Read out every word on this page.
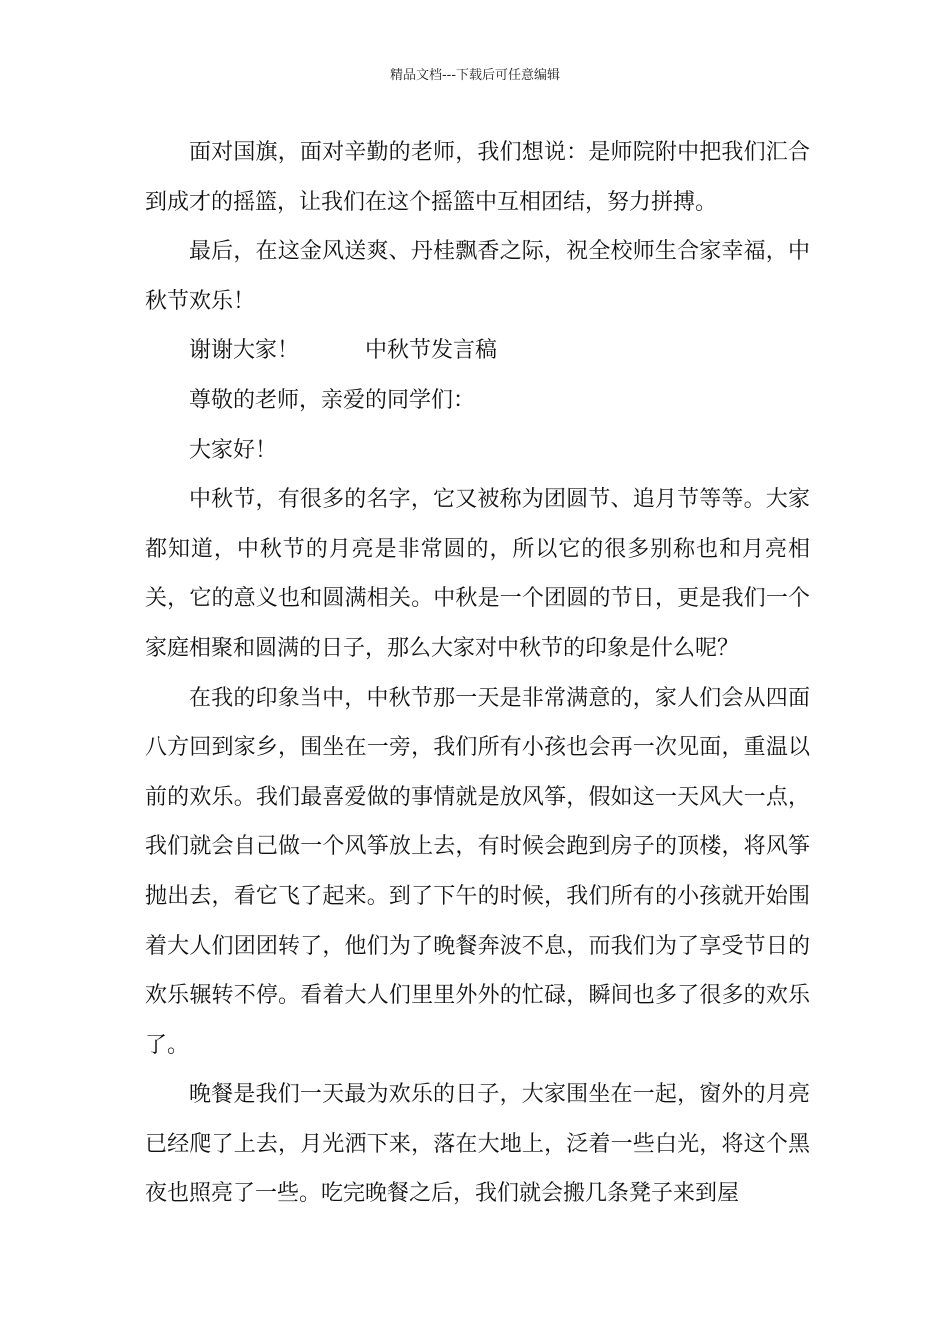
精品文档---下载后可任意编辑

面对国旗，面对辛勤的老师，我们想说：是师院附中把我们汇合到成才的摇篮，让我们在这个摇篮中互相团结，努力拼搏。

最后，在这金风送爽、丹桂飘香之际，祝全校师生合家幸福，中秋节欢乐！

谢谢大家！	中秋节发言稿

尊敬的老师，亲爱的同学们：

大家好！

中秋节，有很多的名字，它又被称为团圆节、追月节等等。大家都知道，中秋节的月亮是非常圆的，所以它的很多别称也和月亮相关，它的意义也和圆满相关。中秋是一个团圆的节日，更是我们一个家庭相聚和圆满的日子，那么大家对中秋节的印象是什么呢？

在我的印象当中，中秋节那一天是非常满意的，家人们会从四面八方回到家乡，围坐在一旁，我们所有小孩也会再一次见面，重温以前的欢乐。我们最喜爱做的事情就是放风筝，假如这一天风大一点，我们就会自己做一个风筝放上去，有时候会跑到房子的顶楼，将风筝抛出去，看它飞了起来。到了下午的时候，我们所有的小孩就开始围着大人们团团转了，他们为了晚餐奔波不息，而我们为了享受节日的欢乐辗转不停。看着大人们里里外外的忙碌，瞬间也多了很多的欢乐了。

晚餐是我们一天最为欢乐的日子，大家围坐在一起，窗外的月亮已经爬了上去，月光洒下来，落在大地上，泛着一些白光，将这个黑夜也照亮了一些。吃完晚餐之后，我们就会搬几条凳子来到屋
